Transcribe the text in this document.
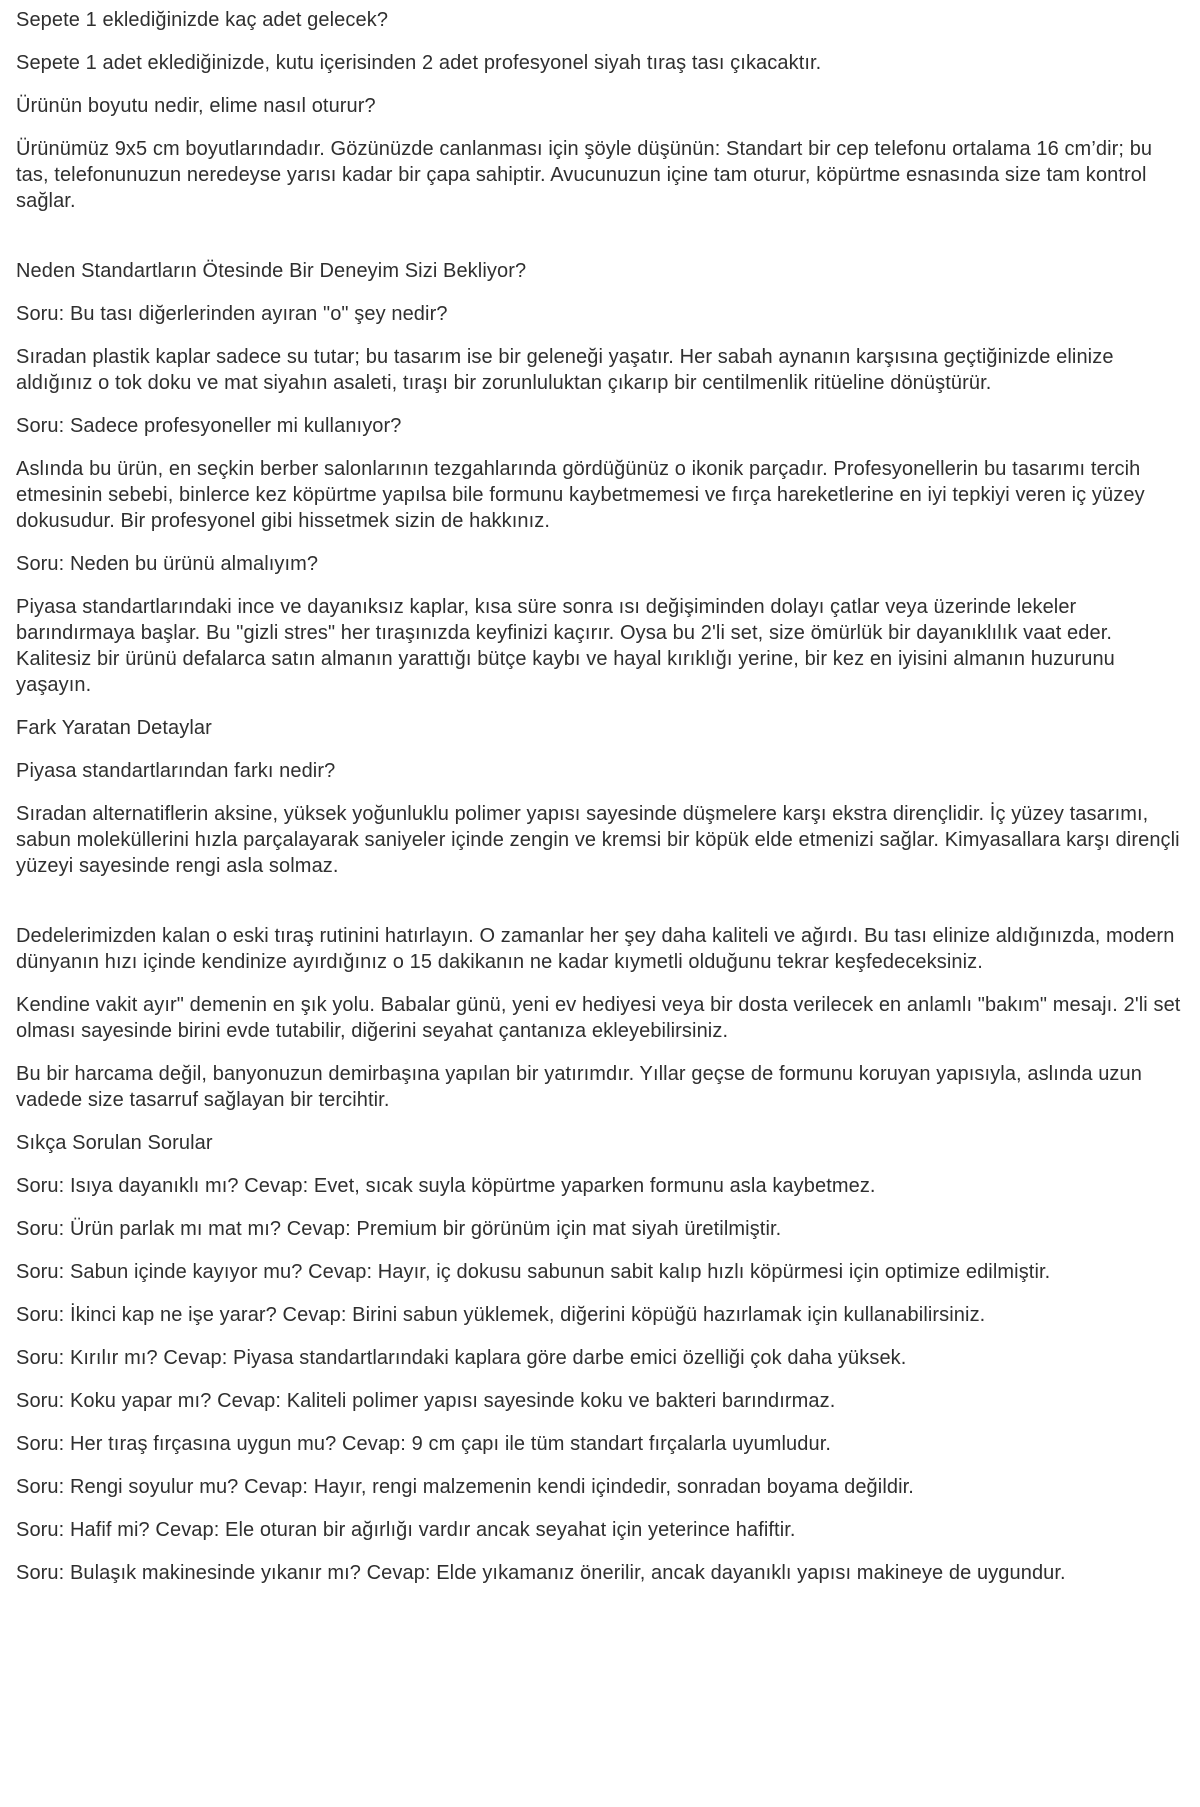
Sepete 1 eklediğinizde kaç adet gelecek?

Sepete 1 adet eklediğinizde, kutu içerisinden 2 adet profesyonel siyah tıraş tası çıkacaktır.

Ürünün boyutu nedir, elime nasıl oturur?

Ürünümüz 9x5 cm boyutlarındadır. Gözünüzde canlanması için şöyle düşünün: Standart bir cep telefonu ortalama 16 cm’dir; bu tas, telefonunuzun neredeyse yarısı kadar bir çapa sahiptir. Avucunuzun içine tam oturur, köpürtme esnasında size tam kontrol sağlar.

Neden Standartların Ötesinde Bir Deneyim Sizi Bekliyor?

Soru: Bu tası diğerlerinden ayıran "o" şey nedir?

Sıradan plastik kaplar sadece su tutar; bu tasarım ise bir geleneği yaşatır. Her sabah aynanın karşısına geçtiğinizde elinize aldığınız o tok doku ve mat siyahın asaleti, tıraşı bir zorunluluktan çıkarıp bir centilmenlik ritüeline dönüştürür.

Soru: Sadece profesyoneller mi kullanıyor?

Aslında bu ürün, en seçkin berber salonlarının tezgahlarında gördüğünüz o ikonik parçadır. Profesyonellerin bu tasarımı tercih etmesinin sebebi, binlerce kez köpürtme yapılsa bile formunu kaybetmemesi ve fırça hareketlerine en iyi tepkiyi veren iç yüzey dokusudur. Bir profesyonel gibi hissetmek sizin de hakkınız.

Soru: Neden bu ürünü almalıyım?

Piyasa standartlarındaki ince ve dayanıksız kaplar, kısa süre sonra ısı değişiminden dolayı çatlar veya üzerinde lekeler barındırmaya başlar. Bu "gizli stres" her tıraşınızda keyfinizi kaçırır. Oysa bu 2'li set, size ömürlük bir dayanıklılık vaat eder. Kalitesiz bir ürünü defalarca satın almanın yarattığı bütçe kaybı ve hayal kırıklığı yerine, bir kez en iyisini almanın huzurunu yaşayın.

Fark Yaratan Detaylar

Piyasa standartlarından farkı nedir?

Sıradan alternatiflerin aksine, yüksek yoğunluklu polimer yapısı sayesinde düşmelere karşı ekstra dirençlidir. İç yüzey tasarımı, sabun moleküllerini hızla parçalayarak saniyeler içinde zengin ve kremsi bir köpük elde etmenizi sağlar. Kimyasallara karşı dirençli yüzeyi sayesinde rengi asla solmaz.

Dedelerimizden kalan o eski tıraş rutinini hatırlayın. O zamanlar her şey daha kaliteli ve ağırdı. Bu tası elinize aldığınızda, modern dünyanın hızı içinde kendinize ayırdığınız o 15 dakikanın ne kadar kıymetli olduğunu tekrar keşfedeceksiniz.

Kendine vakit ayır" demenin en şık yolu. Babalar günü, yeni ev hediyesi veya bir dosta verilecek en anlamlı "bakım" mesajı. 2'li set olması sayesinde birini evde tutabilir, diğerini seyahat çantanıza ekleyebilirsiniz.

Bu bir harcama değil, banyonuzun demirbaşına yapılan bir yatırımdır. Yıllar geçse de formunu koruyan yapısıyla, aslında uzun vadede size tasarruf sağlayan bir tercihtir.

Sıkça Sorulan Sorular

Soru: Isıya dayanıklı mı? Cevap: Evet, sıcak suyla köpürtme yaparken formunu asla kaybetmez.

Soru: Ürün parlak mı mat mı? Cevap: Premium bir görünüm için mat siyah üretilmiştir.

Soru: Sabun içinde kayıyor mu? Cevap: Hayır, iç dokusu sabunun sabit kalıp hızlı köpürmesi için optimize edilmiştir.

Soru: İkinci kap ne işe yarar? Cevap: Birini sabun yüklemek, diğerini köpüğü hazırlamak için kullanabilirsiniz.

Soru: Kırılır mı? Cevap: Piyasa standartlarındaki kaplara göre darbe emici özelliği çok daha yüksek.

Soru: Koku yapar mı? Cevap: Kaliteli polimer yapısı sayesinde koku ve bakteri barındırmaz.

Soru: Her tıraş fırçasına uygun mu? Cevap: 9 cm çapı ile tüm standart fırçalarla uyumludur.

Soru: Rengi soyulur mu? Cevap: Hayır, rengi malzemenin kendi içindedir, sonradan boyama değildir.

Soru: Hafif mi? Cevap: Ele oturan bir ağırlığı vardır ancak seyahat için yeterince hafiftir.

Soru: Bulaşık makinesinde yıkanır mı? Cevap: Elde yıkamanız önerilir, ancak dayanıklı yapısı makineye de uygundur.
